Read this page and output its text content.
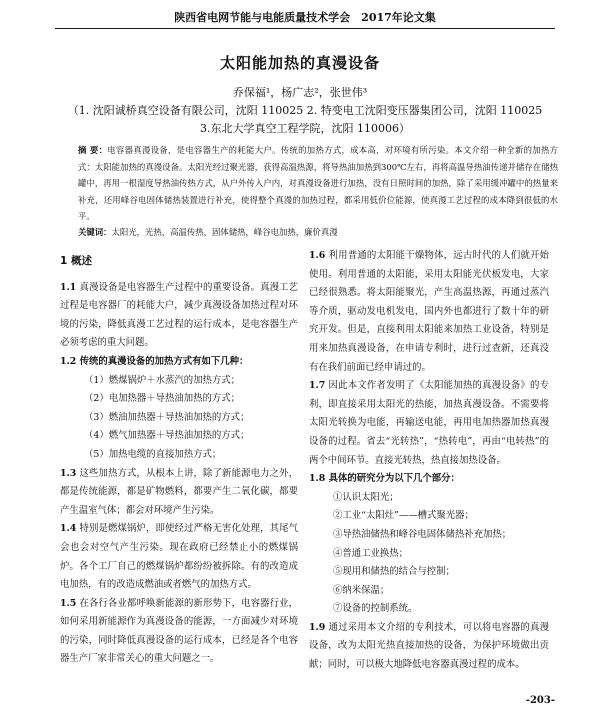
陕西省电网节能与电能质量技术学会　2017年论文集
太阳能加热的真漫设备
乔保福¹，杨广志²，张世伟³
（1. 沈阳诚桥真空设备有限公司，沈阳 110025 2. 特变电工沈阳变压器集团公司，沈阳 110025
3.东北大学真空工程学院，沈阳 110006）
摘 要：电容器真漫设备，是电容器生产的耗能大户。传统的加热方式，成本高，对环境有所污染。本文介绍一种全新的加热方式：太阳能加热的真漫设备。太阳光经过聚光器，获得高温热源，将导热油加热到300℃左右，再将高温导热油传递并储存在储热罐中，再用一根湿度导热油传热方式，从户外传入户内，对真漫设备进行加热，没有日照时间的加热，除了采用缓冲罐中的热量来补充，还用峰谷电固体储热装置进行补充，使得整个真漫的加热过程，都采用低价位能源，使真漫工艺过程的成本降到很低的水平。
关键词：太阳光，光热，高温传热，固体储热，峰谷电加热，廉价真漫
1 概述

1.1 真漫设备是电容器生产过程中的重要设备。真漫工艺过程是电容器厂的耗能大户，减少真漫设备加热过程对环境的污染，降低真漫工艺过程的运行成本，是电容器生产必须考虑的重大问题。

1.2 传统的真漫设备的加热方式有如下几种：

（1）燃煤锅炉＋水蒸汽的加热方式；

（2）电加热器＋导热油加热的方式；

（3）燃油加热器＋导热油加热的方式；

（4）燃气加热器＋导热油加热的方式；

（5）加热电缆的直接加热方式；

1.3 这些加热方式，从根本上讲，除了新能源电力之外，都是传统能源，都是矿物燃料，都要产生二氧化碳，都要产生温室气体；都会对环境产生污染。

1.4 特别是燃煤锅炉，即使经过严格无害化处理，其尾气会也会对空气产生污染。现在政府已经禁止小的燃煤锅炉。各个工厂自己的燃煤锅炉都纷纷被拆除。有的改造成电加热，有的改造成燃油或者燃气的加热方式。

1.5 在各行各业都呼唤新能源的新形势下，电容器行业，如何采用新能源作为真漫设备的能源，一方面减少对环境的污染，同时降低真漫设备的运行成本，已经是各个电容器生产厂家非常关心的重大问题之一。

1.6 利用普通的太阳能干燥物体，远古时代的人们就开始使用。利用普通的太阳能，采用太阳能光伏板发电，大家已经很熟悉。将太阳能聚光，产生高温热源，再通过蒸汽等介质，驱动发电机发电，国内外也都进行了数十年的研究开发。但是，直接利用太阳能来加热工业设备，特别是用来加热真漫设备，在申请专利时，进行过查新，还真没有在我们前面已经申请过的。

1.7 因此本文作者发明了《太阳能加热的真漫设备》的专利，即直接采用太阳光的热能，加热真漫设备。不需要将太阳光转换为电能，再输送电能，再用电加热器加热真漫设备的过程。省去“光转热”，“热转电”，再由“电转热”的两个中间环节。直接光转热，热直接加热设备。

1.8 具体的研究分为以下几个部分：

①认识太阳光；

②工业“太阳灶”——槽式聚光器；

③导热油储热和峰谷电固体储热补充加热；

④普通工业换热；

⑤现用和储热的结合与控制；

⑥纳米保温；

⑦设备的控制系统。

1.9 通过采用本文介绍的专利技术，可以将电容器的真漫设备，改为太阳光热直接加热的设备，为保护环境做出贡献；同时，可以极大地降低电容器真漫过程的成本。

-203-
